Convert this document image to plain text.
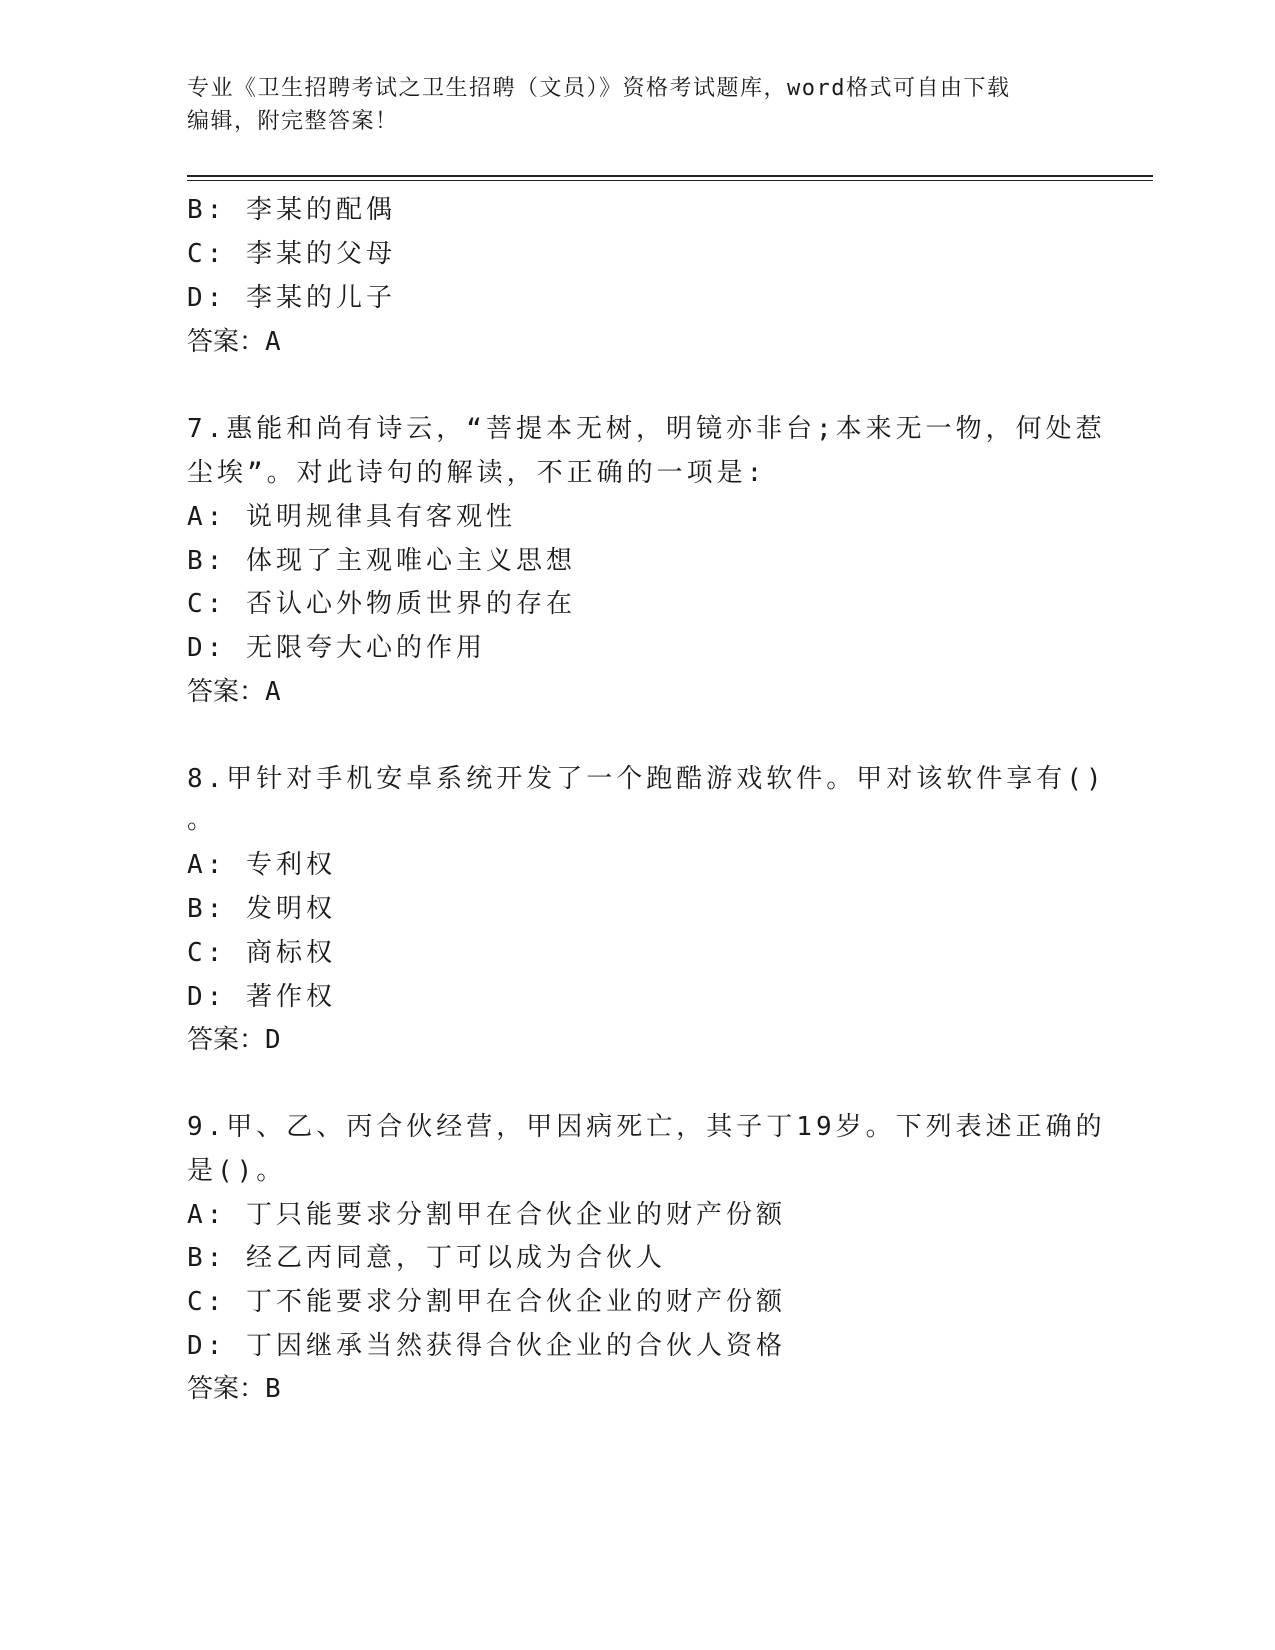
专业《卫生招聘考试之卫生招聘（文员）》资格考试题库，word格式可自由下载
编辑，附完整答案！
B: 李某的配偶
C: 李某的父母
D: 李某的儿子
答案：A
7.惠能和尚有诗云，“菩提本无树，明镜亦非台;本来无一物，何处惹
尘埃”。对此诗句的解读，不正确的一项是:
A: 说明规律具有客观性
B: 体现了主观唯心主义思想
C: 否认心外物质世界的存在
D: 无限夸大心的作用
答案：A
8.甲针对手机安卓系统开发了一个跑酷游戏软件。甲对该软件享有()
。
A: 专利权
B: 发明权
C: 商标权
D: 著作权
答案：D
9.甲、乙、丙合伙经营，甲因病死亡，其子丁19岁。下列表述正确的
是()。
A: 丁只能要求分割甲在合伙企业的财产份额
B: 经乙丙同意，丁可以成为合伙人
C: 丁不能要求分割甲在合伙企业的财产份额
D: 丁因继承当然获得合伙企业的合伙人资格
答案：B
